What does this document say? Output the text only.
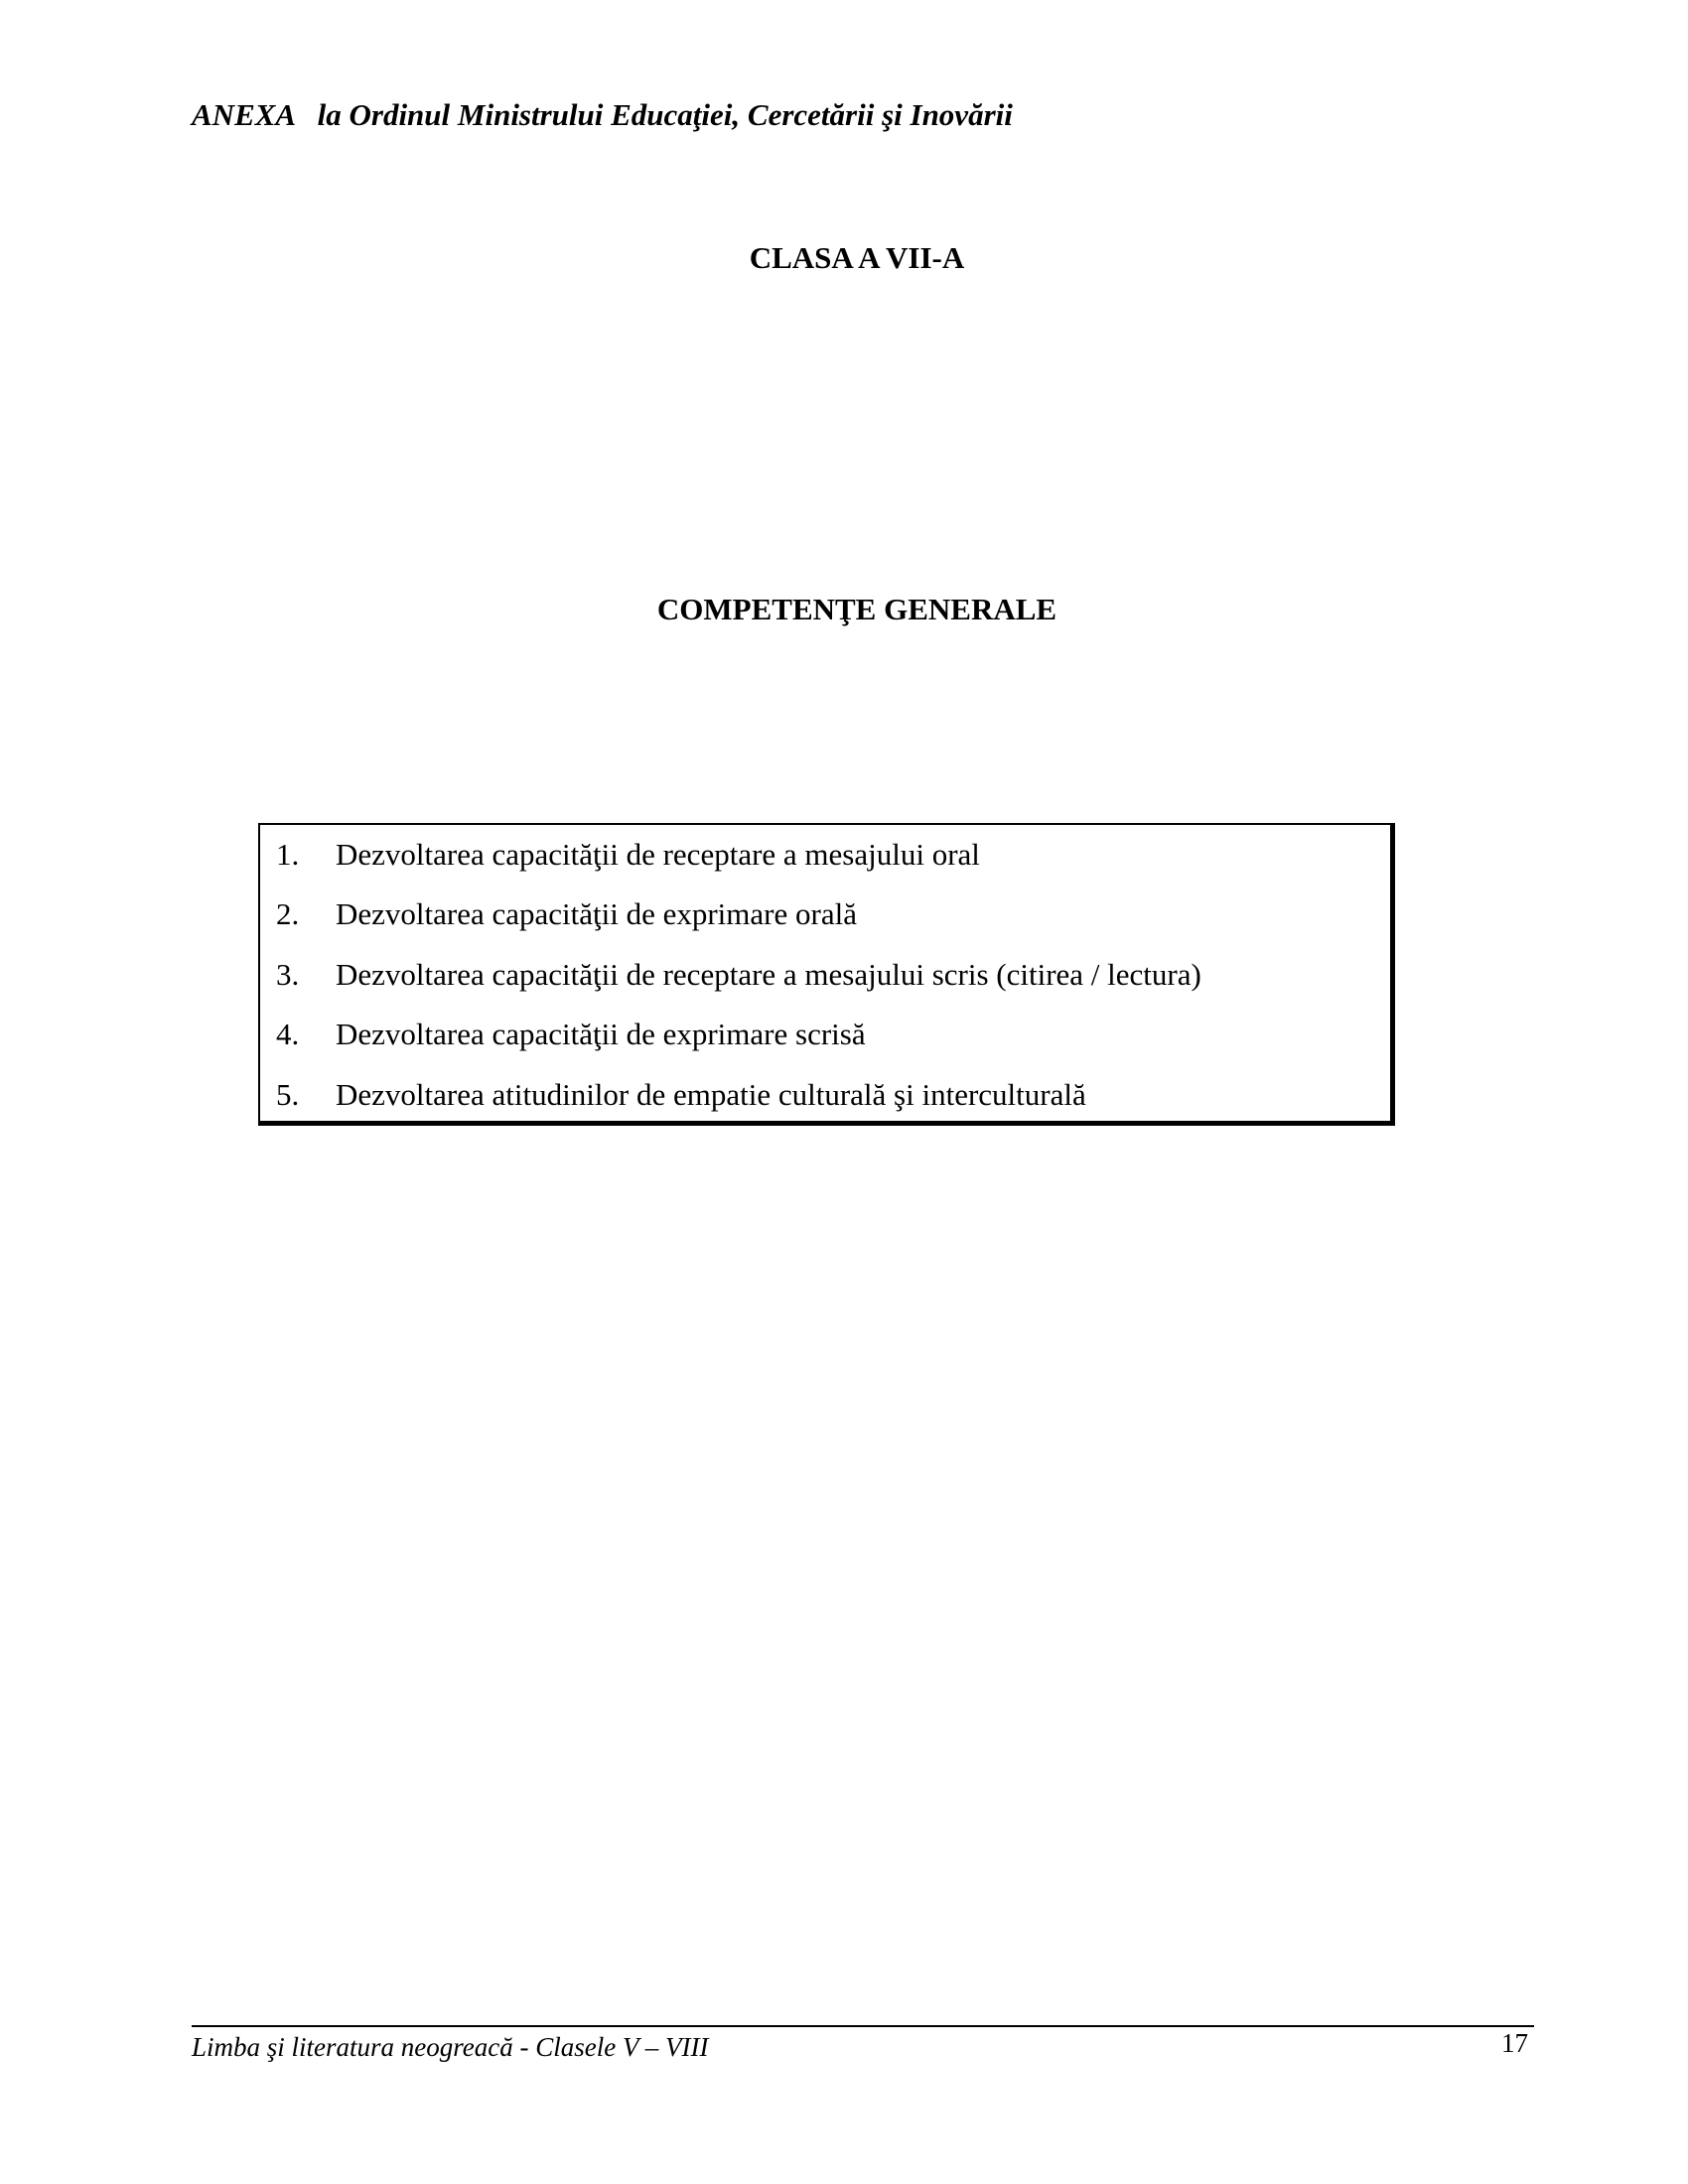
ANEXA   la Ordinul Ministrului Educaţiei, Cercetării şi Inovării
CLASA A VII-A
COMPETENŢE GENERALE
1. Dezvoltarea capacităţii de receptare a mesajului oral
2. Dezvoltarea capacităţii de exprimare orală
3. Dezvoltarea capacităţii de receptare a mesajului scris (citirea / lectura)
4. Dezvoltarea capacităţii de exprimare scrisă
5. Dezvoltarea atitudinilor de empatie culturală şi interculturală
Limba şi literatura neogreacă - Clasele V – VIII	17
